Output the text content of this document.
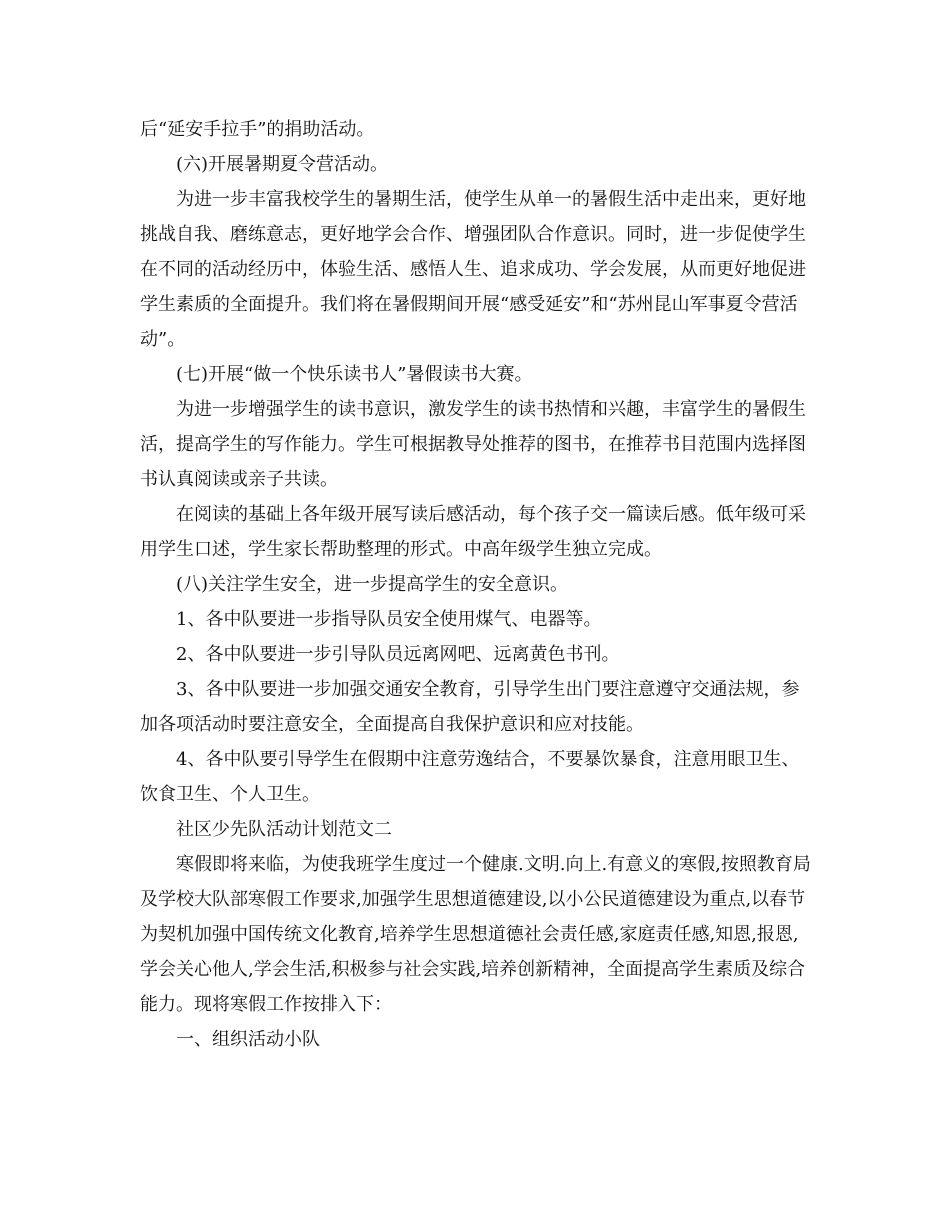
后“延安手拉手”的捐助活动。

(六)开展暑期夏令营活动。

为进一步丰富我校学生的暑期生活，使学生从单一的暑假生活中走出来，更好地挑战自我、磨练意志，更好地学会合作、增强团队合作意识。同时，进一步促使学生在不同的活动经历中，体验生活、感悟人生、追求成功、学会发展，从而更好地促进学生素质的全面提升。我们将在暑假期间开展“感受延安”和“苏州昆山军事夏令营活动”。

(七)开展“做一个快乐读书人”暑假读书大赛。

为进一步增强学生的读书意识，激发学生的读书热情和兴趣，丰富学生的暑假生活，提高学生的写作能力。学生可根据教导处推荐的图书，在推荐书目范围内选择图书认真阅读或亲子共读。

在阅读的基础上各年级开展写读后感活动，每个孩子交一篇读后感。低年级可采用学生口述，学生家长帮助整理的形式。中高年级学生独立完成。

(八)关注学生安全，进一步提高学生的安全意识。

1、各中队要进一步指导队员安全使用煤气、电器等。

2、各中队要进一步引导队员远离网吧、远离黄色书刊。

3、各中队要进一步加强交通安全教育，引导学生出门要注意遵守交通法规，参加各项活动时要注意安全，全面提高自我保护意识和应对技能。

4、各中队要引导学生在假期中注意劳逸结合，不要暴饮暴食，注意用眼卫生、饮食卫生、个人卫生。

社区少先队活动计划范文二

寒假即将来临，为使我班学生度过一个健康.文明.向上.有意义的寒假,按照教育局及学校大队部寒假工作要求,加强学生思想道德建设,以小公民道德建设为重点,以春节为契机加强中国传统文化教育,培养学生思想道德社会责任感,家庭责任感,知恩,报恩,学会关心他人,学会生活,积极参与社会实践,培养创新精神，全面提高学生素质及综合能力。现将寒假工作按排入下：

一、组织活动小队
